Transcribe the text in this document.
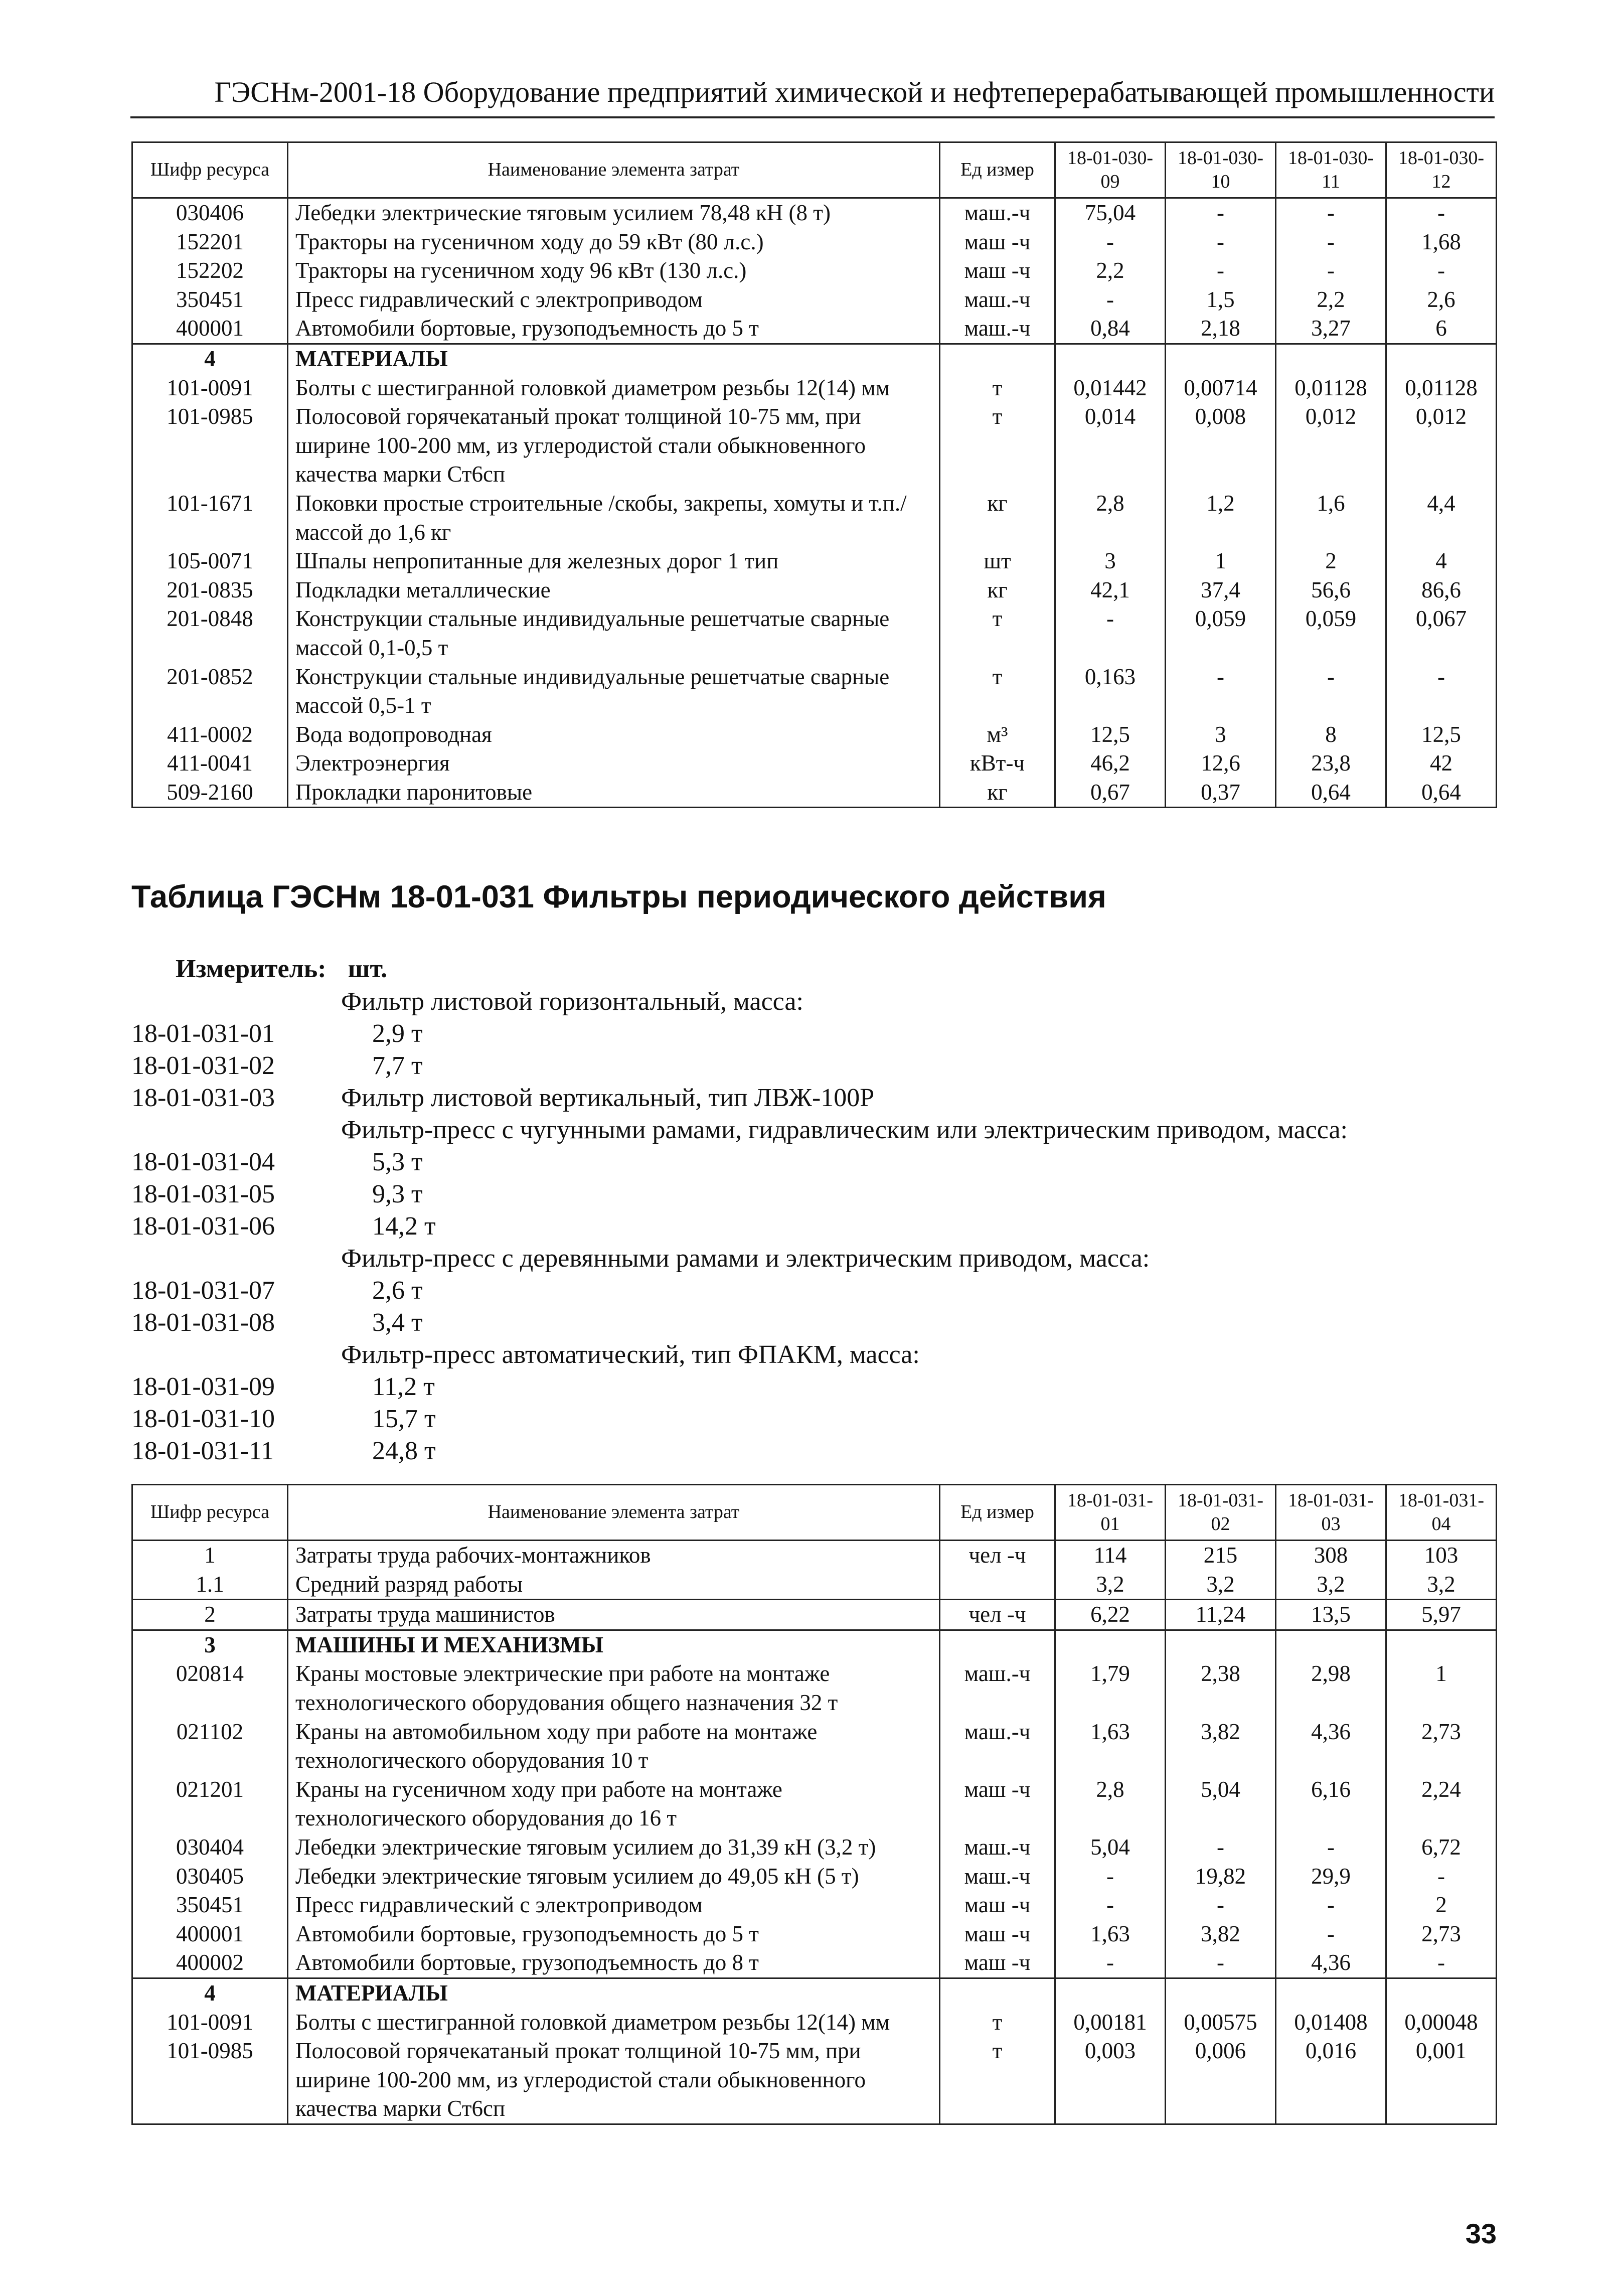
ГЭСНм-2001-18 Оборудование предприятий химической и нефтеперерабатывающей промышленности
Шифр ресурса	Наименование элемента затрат	Ед измер	18-01-030-09	18-01-030-10	18-01-030-11	18-01-030-12
030406	Лебедки электрические тяговым усилием 78,48 кН (8 т)	маш.-ч	75,04	-	-	-
152201	Тракторы на гусеничном ходу до 59 кВт (80 л.с.)	маш -ч	-	-	-	1,68
152202	Тракторы на гусеничном ходу 96 кВт (130 л.с.)	маш -ч	2,2	-	-	-
350451	Пресс гидравлический с электроприводом	маш.-ч	-	1,5	2,2	2,6
400001	Автомобили бортовые, грузоподъемность до 5 т	маш.-ч	0,84	2,18	3,27	6
4	МАТЕРИАЛЫ					
101-0091	Болты с шестигранной головкой диаметром резьбы 12(14) мм	т	0,01442	0,00714	0,01128	0,01128
101-0985	Полосовой горячекатаный прокат толщиной 10-75 мм, при ширине 100-200 мм, из углеродистой стали обыкновенного качества марки Ст6сп	т	0,014	0,008	0,012	0,012
101-1671	Поковки простые строительные /скобы, закрепы, хомуты и т.п./ массой до 1,6 кг	кг	2,8	1,2	1,6	4,4
105-0071	Шпалы непропитанные для железных дорог 1 тип	шт	3	1	2	4
201-0835	Подкладки металлические	кг	42,1	37,4	56,6	86,6
201-0848	Конструкции стальные индивидуальные решетчатые сварные массой 0,1-0,5 т	т	-	0,059	0,059	0,067
201-0852	Конструкции стальные индивидуальные решетчатые сварные массой 0,5-1 т	т	0,163	-	-	-
411-0002	Вода водопроводная	м³	12,5	3	8	12,5
411-0041	Электроэнергия	кВт-ч	46,2	12,6	23,8	42
509-2160	Прокладки паронитовые	кг	0,67	0,37	0,64	0,64
Таблица ГЭСНм 18-01-031 Фильтры периодического действия
Измеритель: шт.
Фильтр листовой горизонтальный, масса:
18-01-031-01	2,9 т
18-01-031-02	7,7 т
18-01-031-03	Фильтр листовой вертикальный, тип ЛВЖ-100Р
Фильтр-пресс с чугунными рамами, гидравлическим или электрическим приводом, масса:
18-01-031-04	5,3 т
18-01-031-05	9,3 т
18-01-031-06	14,2 т
Фильтр-пресс с деревянными рамами и электрическим приводом, масса:
18-01-031-07	2,6 т
18-01-031-08	3,4 т
Фильтр-пресс автоматический, тип ФПАКМ, масса:
18-01-031-09	11,2 т
18-01-031-10	15,7 т
18-01-031-11	24,8 т
Шифр ресурса	Наименование элемента затрат	Ед измер	18-01-031-01	18-01-031-02	18-01-031-03	18-01-031-04
1	Затраты труда рабочих-монтажников	чел -ч	114	215	308	103
1.1	Средний разряд работы		3,2	3,2	3,2	3,2
2	Затраты труда машинистов	чел -ч	6,22	11,24	13,5	5,97
3	МАШИНЫ И МЕХАНИЗМЫ					
020814	Краны мостовые электрические при работе на монтаже технологического оборудования общего назначения 32 т	маш.-ч	1,79	2,38	2,98	1
021102	Краны на автомобильном ходу при работе на монтаже технологического оборудования 10 т	маш.-ч	1,63	3,82	4,36	2,73
021201	Краны на гусеничном ходу при работе на монтаже технологического оборудования до 16 т	маш -ч	2,8	5,04	6,16	2,24
030404	Лебедки электрические тяговым усилием до 31,39 кН (3,2 т)	маш.-ч	5,04	-	-	6,72
030405	Лебедки электрические тяговым усилием до 49,05 кН (5 т)	маш.-ч	-	19,82	29,9	-
350451	Пресс гидравлический с электроприводом	маш -ч	-	-	-	2
400001	Автомобили бортовые, грузоподъемность до 5 т	маш -ч	1,63	3,82	-	2,73
400002	Автомобили бортовые, грузоподъемность до 8 т	маш -ч	-	-	4,36	-
4	МАТЕРИАЛЫ					
101-0091	Болты с шестигранной головкой диаметром резьбы 12(14) мм	т	0,00181	0,00575	0,01408	0,00048
101-0985	Полосовой горячекатаный прокат толщиной 10-75 мм, при ширине 100-200 мм, из углеродистой стали обыкновенного качества марки Ст6сп	т	0,003	0,006	0,016	0,001
33
